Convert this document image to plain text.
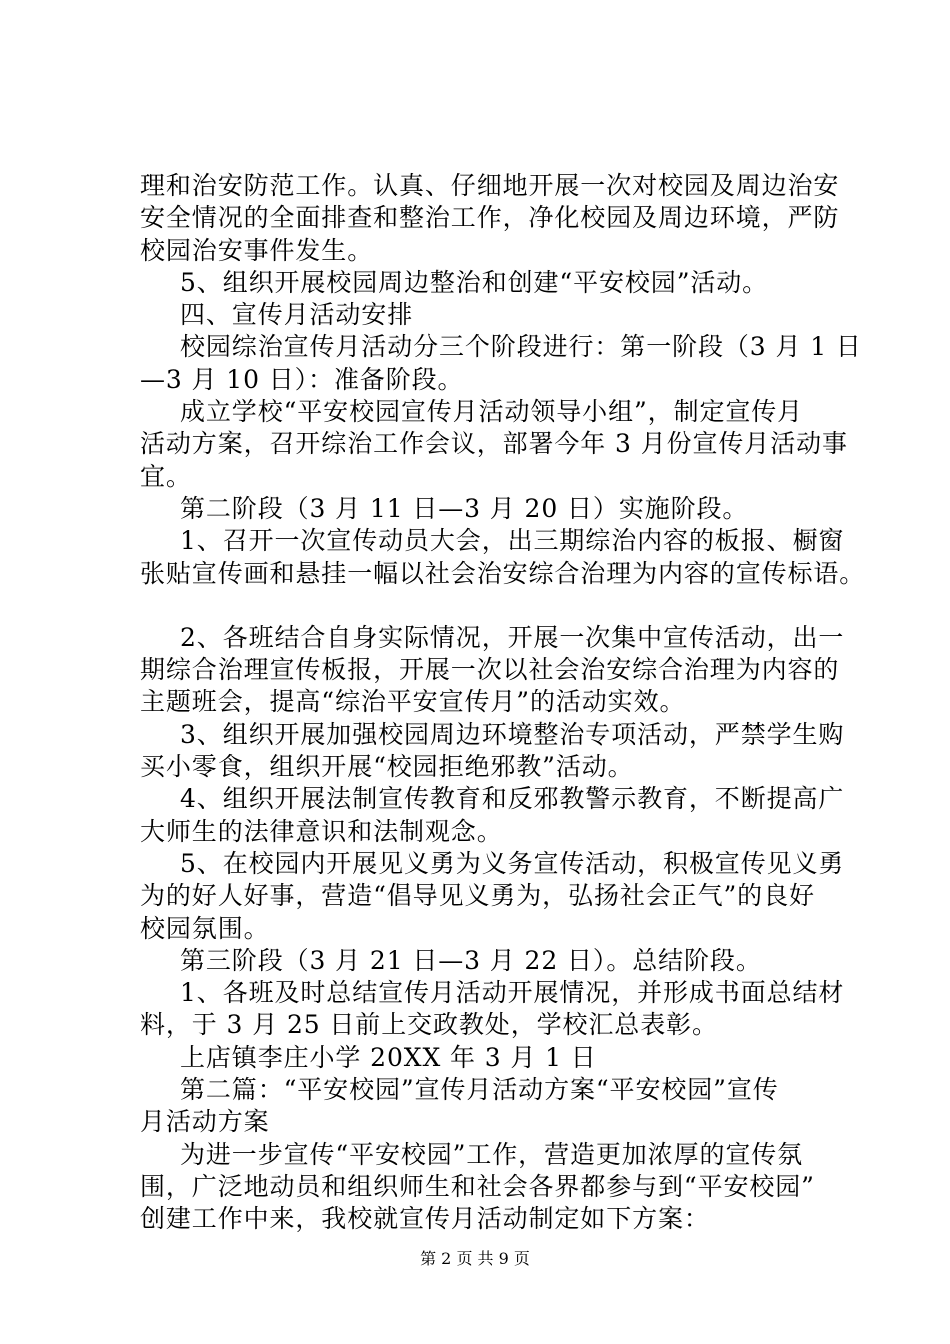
理和治安防范工作。认真、仔细地开展一次对校园及周边治安
安全情况的全面排查和整治工作，净化校园及周边环境，严防
校园治安事件发生。
5、组织开展校园周边整治和创建“平安校园”活动。
四、宣传月活动安排
校园综治宣传月活动分三个阶段进行：第一阶段（3 月 1 日
—3 月 10 日）：准备阶段。
成立学校“平安校园宣传月活动领导小组”，制定宣传月
活动方案，召开综治工作会议，部署今年 3 月份宣传月活动事
宜。
第二阶段（3 月 11 日—3 月 20 日）实施阶段。
1、召开一次宣传动员大会，出三期综治内容的板报、橱窗
张贴宣传画和悬挂一幅以社会治安综合治理为内容的宣传标语。
2、各班结合自身实际情况，开展一次集中宣传活动，出一
期综合治理宣传板报，开展一次以社会治安综合治理为内容的
主题班会，提高“综治平安宣传月”的活动实效。
3、组织开展加强校园周边环境整治专项活动，严禁学生购
买小零食，组织开展“校园拒绝邪教”活动。
4、组织开展法制宣传教育和反邪教警示教育，不断提高广
大师生的法律意识和法制观念。
5、在校园内开展见义勇为义务宣传活动，积极宣传见义勇
为的好人好事，营造“倡导见义勇为，弘扬社会正气”的良好
校园氛围。
第三阶段（3 月 21 日—3 月 22 日）。总结阶段。
1、各班及时总结宣传月活动开展情况，并形成书面总结材
料，于 3 月 25 日前上交政教处，学校汇总表彰。
上店镇李庄小学 20XX 年 3 月 1 日
第二篇：“平安校园”宣传月活动方案“平安校园”宣传
月活动方案
为进一步宣传“平安校园”工作，营造更加浓厚的宣传氛
围，广泛地动员和组织师生和社会各界都参与到“平安校园”
创建工作中来，我校就宣传月活动制定如下方案：
第 2 页 共 9 页
